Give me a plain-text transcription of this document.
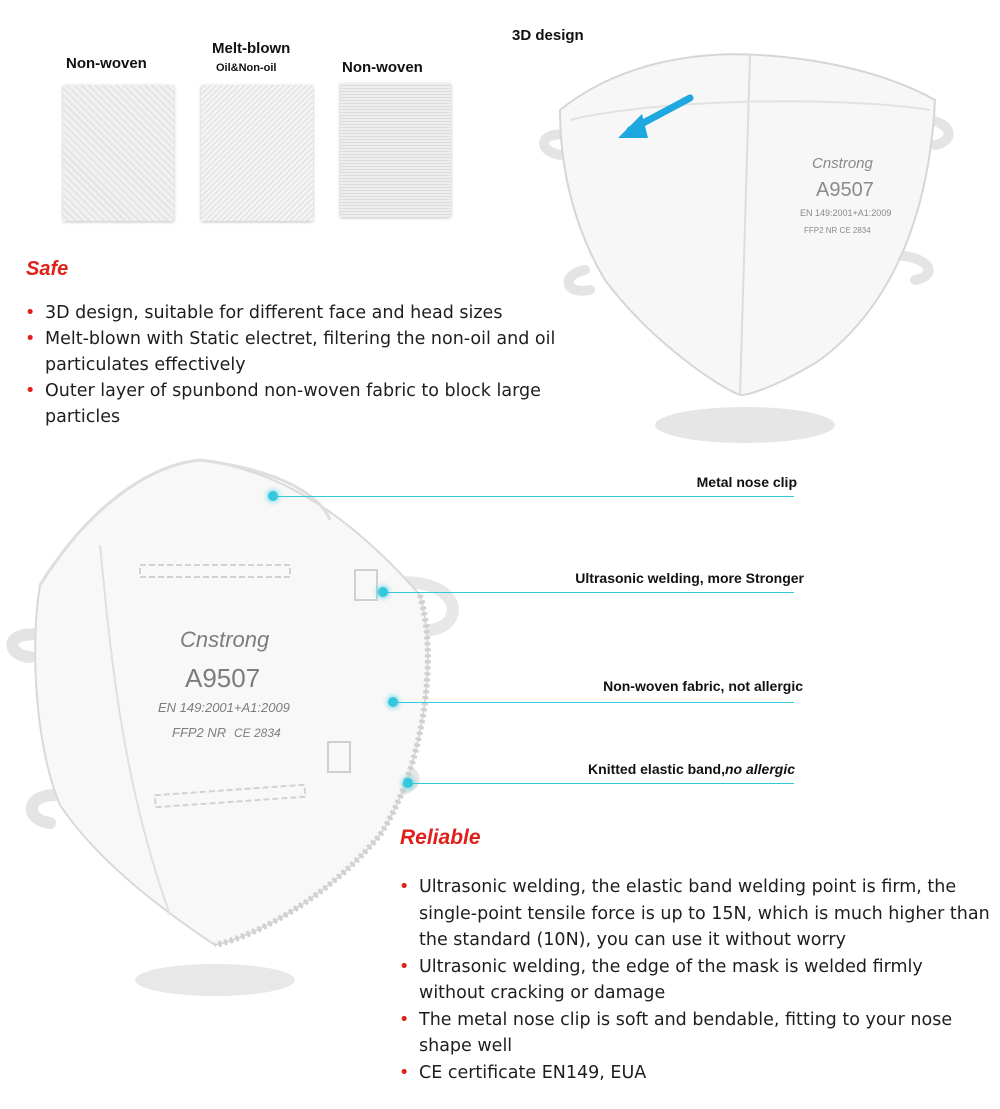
Non-woven
Melt-blown
Oil&Non-oil	Non-woven
3D design
Cnstrong
A9507
EN 149:2001+A1:2009
FFP2 NR CE 2834
Safe
• 3D design, suitable for different face and head sizes
• Melt-blown with Static electret, filtering the non-oil and oil particulates effectively
• Outer layer of spunbond non-woven fabric to block large particles
Cnstrong
A9507
EN 149:2001+A1:2009
FFP2 NR CE 2834
Metal nose clip
Ultrasonic welding, more Stronger
Non-woven fabric, not allergic
Knitted elastic band,no allergic
Reliable
• Ultrasonic welding, the elastic band welding point is firm, the single-point tensile force is up to 15N, which is much higher than the standard (10N), you can use it without worry
• Ultrasonic welding, the edge of the mask is welded firmly without cracking or damage
• The metal nose clip is soft and bendable, fitting to your nose shape well
• CE certificate EN149, EUA
